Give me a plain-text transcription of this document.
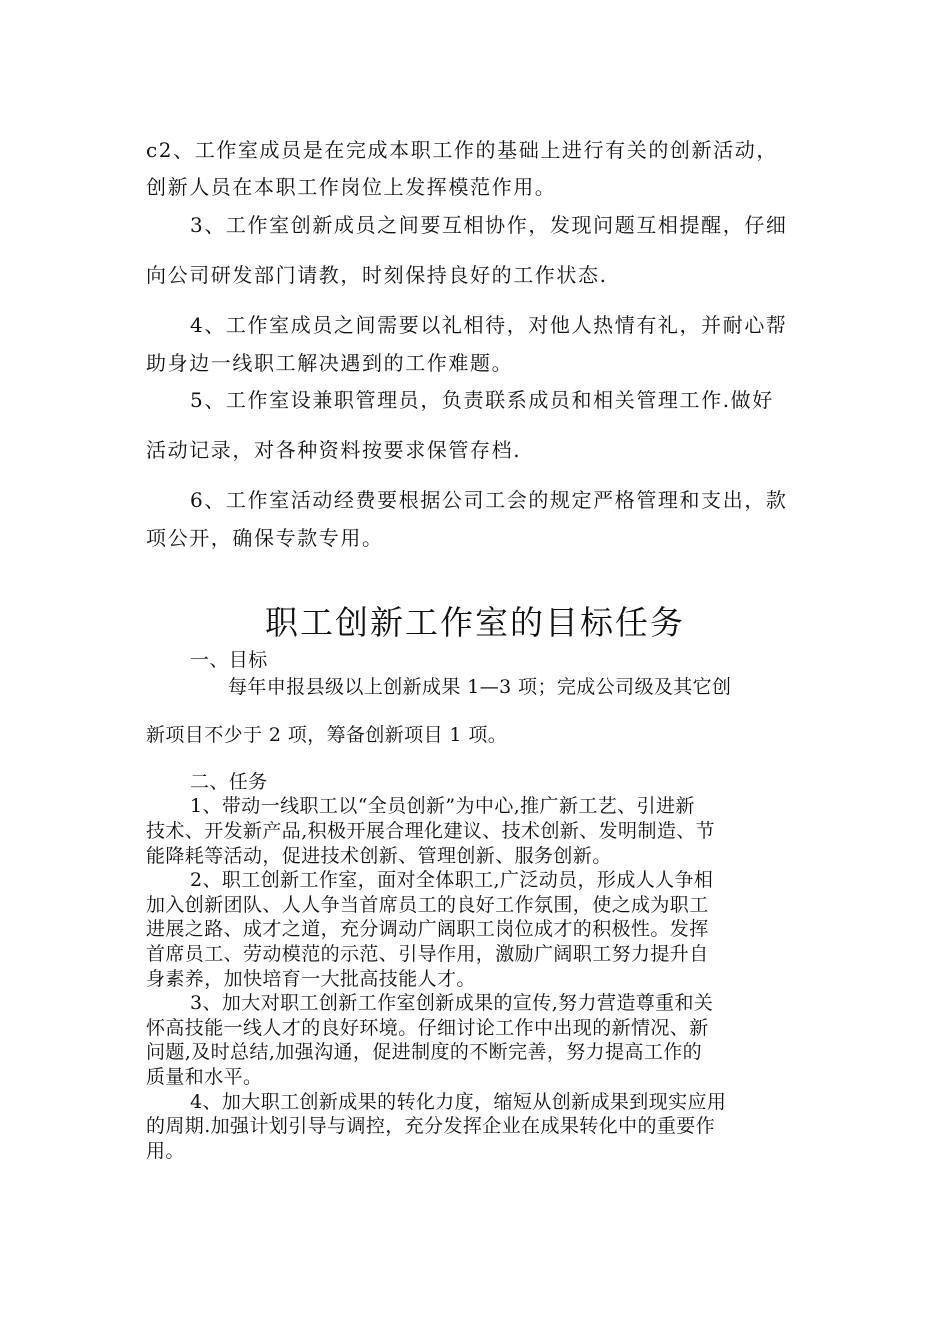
c2、工作室成员是在完成本职工作的基础上进行有关的创新活动，
创新人员在本职工作岗位上发挥模范作用。
3、工作室创新成员之间要互相协作，发现问题互相提醒，仔细
向公司研发部门请教，时刻保持良好的工作状态.
4、工作室成员之间需要以礼相待，对他人热情有礼，并耐心帮
助身边一线职工解决遇到的工作难题。
5、工作室设兼职管理员，负责联系成员和相关管理工作.做好
活动记录，对各种资料按要求保管存档.
6、工作室活动经费要根据公司工会的规定严格管理和支出，款
项公开，确保专款专用。
职工创新工作室的目标任务
一、目标
每年申报县级以上创新成果 1—3 项；完成公司级及其它创
新项目不少于 2 项，筹备创新项目 1 项。
二、任务
1、带动一线职工以“全员创新”为中心,推广新工艺、引进新
技术、开发新产品,积极开展合理化建议、技术创新、发明制造、节
能降耗等活动，促进技术创新、管理创新、服务创新。
2、职工创新工作室，面对全体职工,广泛动员，形成人人争相
加入创新团队、人人争当首席员工的良好工作氛围，使之成为职工
进展之路、成才之道，充分调动广阔职工岗位成才的积极性。发挥
首席员工、劳动模范的示范、引导作用，激励广阔职工努力提升自
身素养，加快培育一大批高技能人才。
3、加大对职工创新工作室创新成果的宣传,努力营造尊重和关
怀高技能一线人才的良好环境。仔细讨论工作中出现的新情况、新
问题,及时总结,加强沟通，促进制度的不断完善，努力提高工作的
质量和水平。
4、加大职工创新成果的转化力度，缩短从创新成果到现实应用
的周期.加强计划引导与调控，充分发挥企业在成果转化中的重要作
用。
